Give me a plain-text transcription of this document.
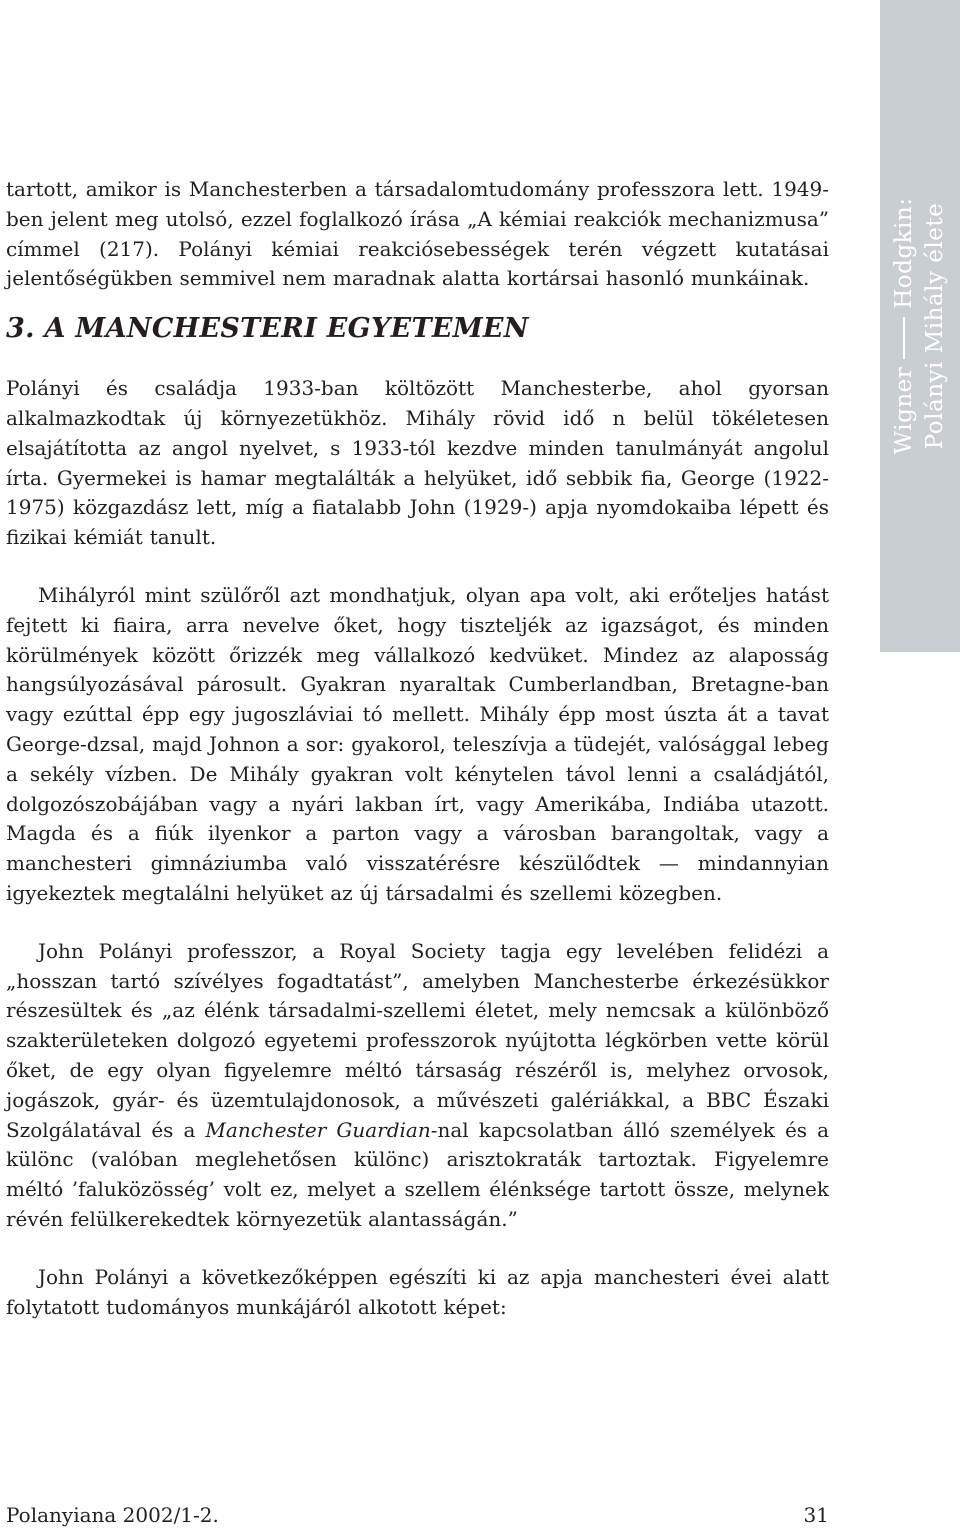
tartott, amikor is Manchesterben a társadalomtudomány professzora lett. 1949-ben jelent meg utolsó, ezzel foglalkozó írása „A kémiai reakciók mechanizmusa” címmel (217). Polányi kémiai reakciósebességek terén végzett kutatásai jelentőségükben semmivel nem maradnak alatta kortársai hasonló munkáinak.

3. A MANCHESTERI EGYETEMEN

Polányi és családja 1933-ban költözött Manchesterbe, ahol gyorsan alkalmazkodtak új környezetükhöz. Mihály rövid idő n belül tökéletesen elsajátította az angol nyelvet, s 1933-tól kezdve minden tanulmányát angolul írta. Gyermekei is hamar megtalálták a helyüket, idő sebbik fia, George (1922-1975) közgazdász lett, míg a fiatalabb John (1929-) apja nyomdokaiba lépett és fizikai kémiát tanult.

Mihályról mint szülőről azt mondhatjuk, olyan apa volt, aki erőteljes hatást fejtett ki fiaira, arra nevelve őket, hogy tiszteljék az igazságot, és minden körülmények között őrizzék meg vállalkozó kedvüket. Mindez az alaposság hangsúlyozásával párosult. Gyakran nyaraltak Cumberlandban, Bretagne-ban vagy ezúttal épp egy jugoszláviai tó mellett. Mihály épp most úszta át a tavat George-dzsal, majd Johnon a sor: gyakorol, teleszívja a tüdejét, valósággal lebeg a sekély vízben. De Mihály gyakran volt kénytelen távol lenni a családjától, dolgozószobájában vagy a nyári lakban írt, vagy Amerikába, Indiába utazott. Magda és a fiúk ilyenkor a parton vagy a városban barangoltak, vagy a manchesteri gimnáziumba való visszatérésre készülődtek — mindannyian igyekeztek megtalálni helyüket az új társadalmi és szellemi közegben.

John Polányi professzor, a Royal Society tagja egy levelében felidézi a „hosszan tartó szívélyes fogadtatást”, amelyben Manchesterbe érkezésükkor részesültek és „az élénk társadalmi-szellemi életet, mely nemcsak a különböző szakterületeken dolgozó egyetemi professzorok nyújtotta légkörben vette körül őket, de egy olyan figyelemre méltó társaság részéről is, melyhez orvosok, jogászok, gyár- és üzemtulajdonosok, a művészeti galériákkal, a BBC Északi Szolgálatával és a Manchester Guardian-nal kapcsolatban álló személyek és a különc (valóban meglehetősen különc) arisztokraták tartoztak. Figyelemre méltó ’faluközösség’ volt ez, melyet a szellem élénksége tartott össze, melynek révén felülkerekedtek környezetük alantasságán.”

John Polányi a következőképpen egészíti ki az apja manchesteri évei alatt folytatott tudományos munkájáról alkotott képet:

WignerHodgkin: Polányi Mihály élete
Polanyiana 2002/1-2.	31
